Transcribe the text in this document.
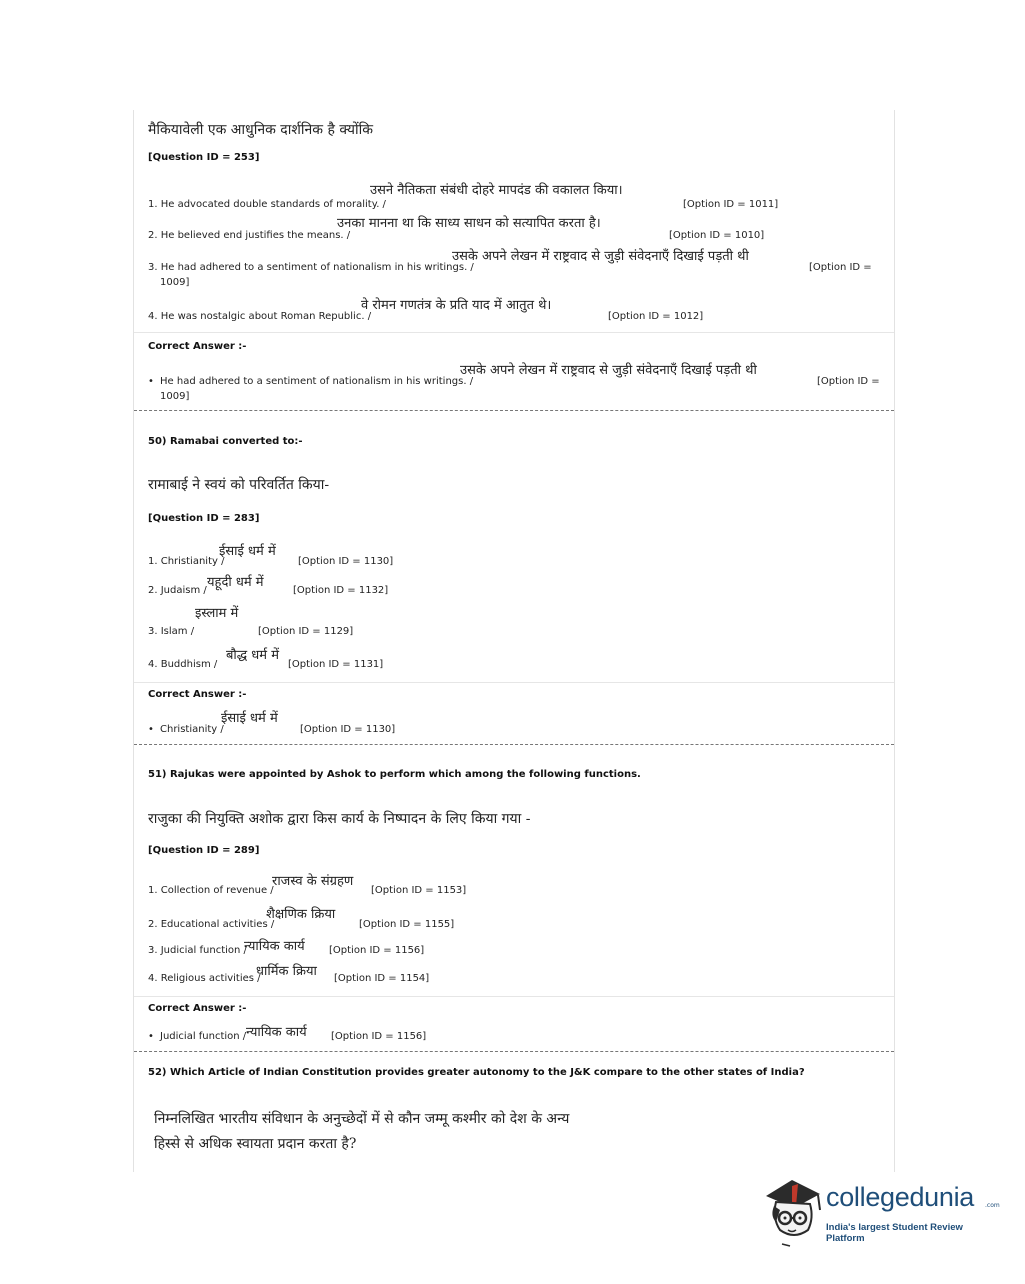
मैकियावेली एक आधुनिक दार्शनिक है क्योंकि
[Question ID = 253]
उसने नैतिकता संबंधी दोहरे मापदंड की वकालत किया।
1. He advocated double standards of morality. /	[Option ID = 1011]
उनका मानना था कि साध्य साधन को सत्यापित करता है।
2. He believed end justifies the means. /	[Option ID = 1010]
उसके अपने लेखन में राष्ट्रवाद से जुड़ी संवेदनाएँ दिखाई पड़ती थी
3. He had adhered to a sentiment of nationalism in his writings. /	[Option ID =
1009]
वे रोमन गणतंत्र के प्रति याद में आतुत थे।
4. He was nostalgic about Roman Republic. /	[Option ID = 1012]
Correct Answer :-
उसके अपने लेखन में राष्ट्रवाद से जुड़ी संवेदनाएँ दिखाई पड़ती थी
• He had adhered to a sentiment of nationalism in his writings. /	[Option ID =
1009]
50) Ramabai converted to:-
रामाबाई ने स्वयं को परिवर्तित किया-
[Question ID = 283]
ईसाई धर्म में
1. Christianity /	[Option ID = 1130]
यहूदी धर्म में
2. Judaism /	[Option ID = 1132]
इस्लाम में
3. Islam /	[Option ID = 1129]
बौद्ध धर्म में
4. Buddhism /	[Option ID = 1131]
Correct Answer :-
ईसाई धर्म में
• Christianity /	[Option ID = 1130]
51) Rajukas were appointed by Ashok to perform which among the following functions.
राजुका की नियुक्ति अशोक द्वारा किस कार्य के निष्पादन के लिए किया गया -
[Question ID = 289]
राजस्व के संग्रहण
1. Collection of revenue /	[Option ID = 1153]
शैक्षणिक क्रिया
2. Educational activities /	[Option ID = 1155]
न्यायिक कार्य
3. Judicial function /	[Option ID = 1156]
धार्मिक क्रिया
4. Religious activities /	[Option ID = 1154]
Correct Answer :-
न्यायिक कार्य
• Judicial function /	[Option ID = 1156]
52) Which Article of Indian Constitution provides greater autonomy to the J&K compare to the other states of India?
निम्नलिखित भारतीय संविधान के अनुच्छेदों में से कौन जम्मू कश्मीर को देश के अन्य
हिस्से से अधिक स्वायता प्रदान करता है?
collegedunia .com
India's largest Student Review Platform
